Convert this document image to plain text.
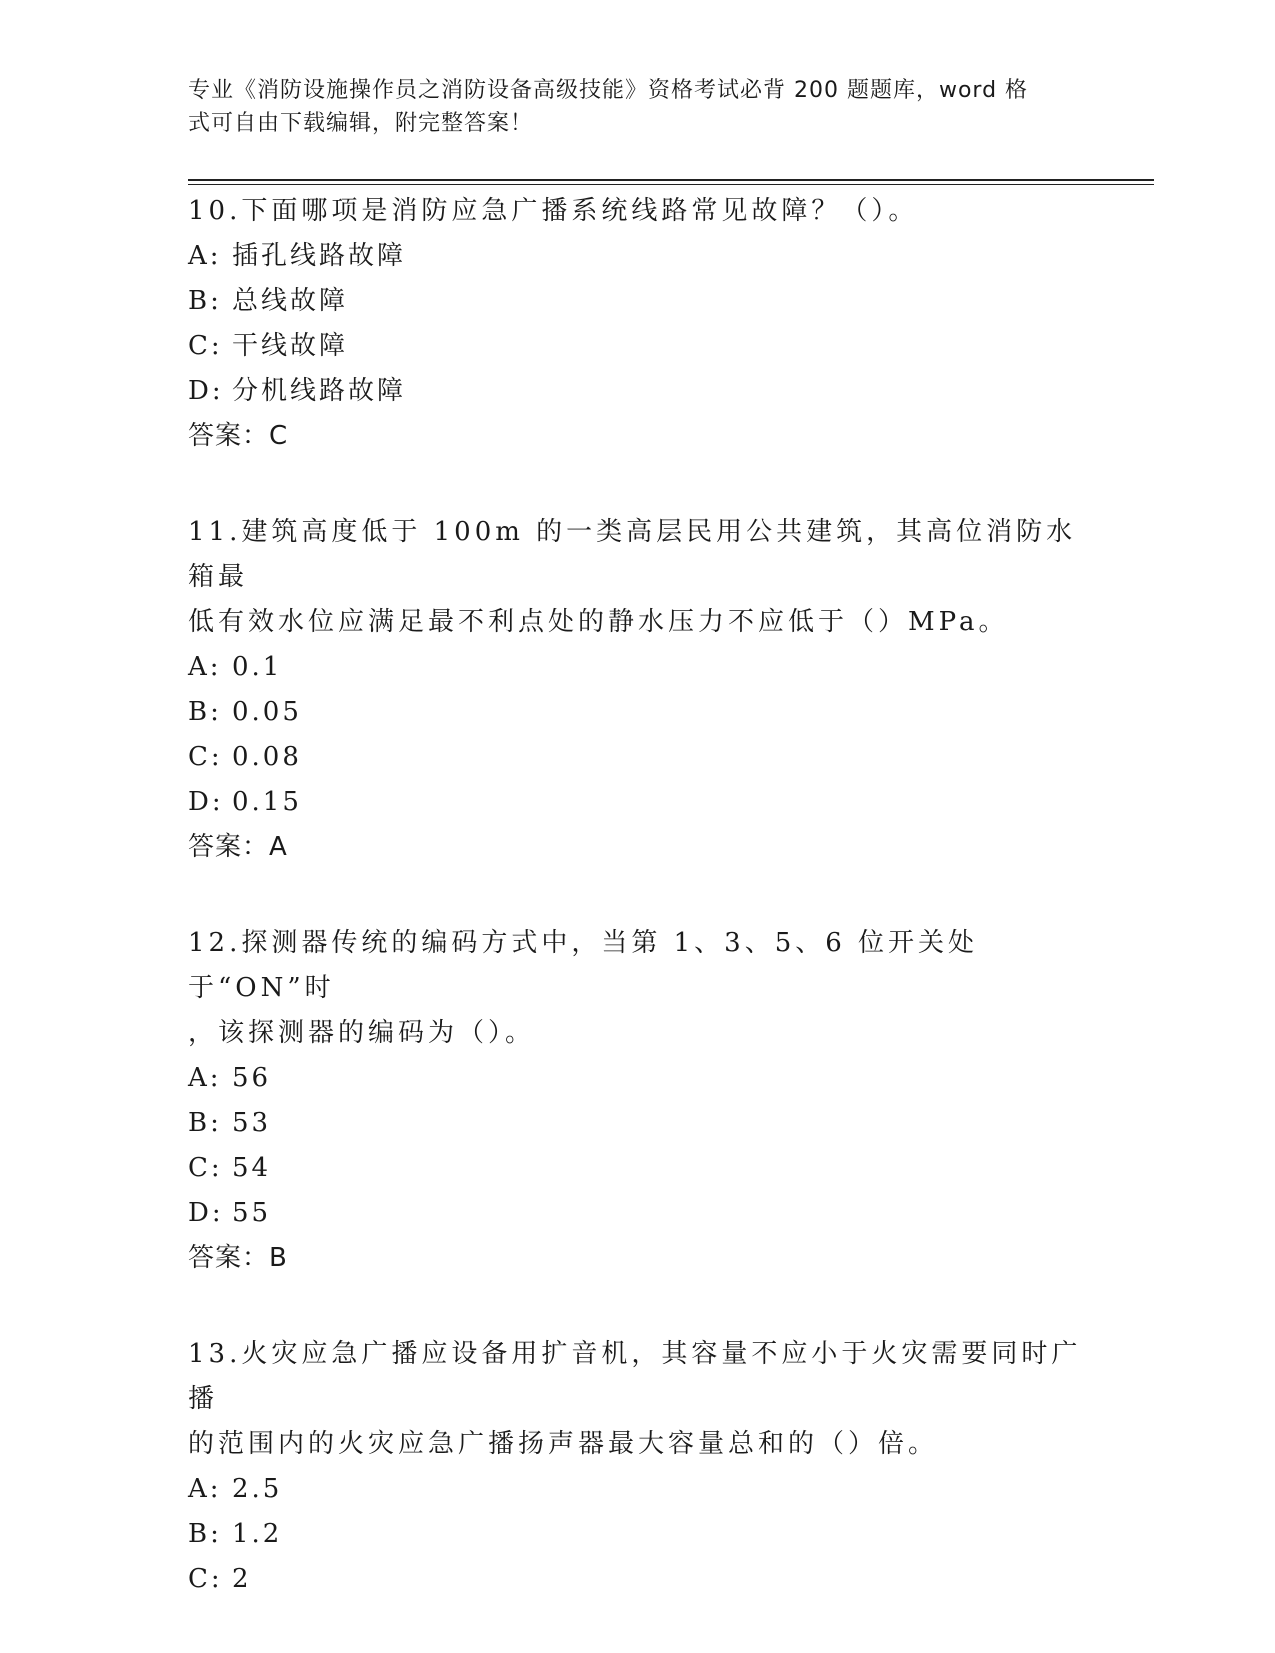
专业《消防设施操作员之消防设备高级技能》资格考试必背 200 题题库，word 格
式可自由下载编辑，附完整答案！

10.下面哪项是消防应急广播系统线路常见故障？（）。

A: 插孔线路故障
B: 总线故障
C: 干线故障
D: 分机线路故障
答案：C

11.建筑高度低于 100m 的一类高层民用公共建筑，其高位消防水箱最
低有效水位应满足最不利点处的静水压力不应低于（）MPa。

A: 0.1
B: 0.05
C: 0.08
D: 0.15
答案：A

12.探测器传统的编码方式中，当第 1、3、5、6 位开关处于“ON”时
，该探测器的编码为（）。

A: 56
B: 53
C: 54
D: 55
答案：B

13.火灾应急广播应设备用扩音机，其容量不应小于火灾需要同时广播
的范围内的火灾应急广播扬声器最大容量总和的（）倍。

A: 2.5
B: 1.2
C: 2
